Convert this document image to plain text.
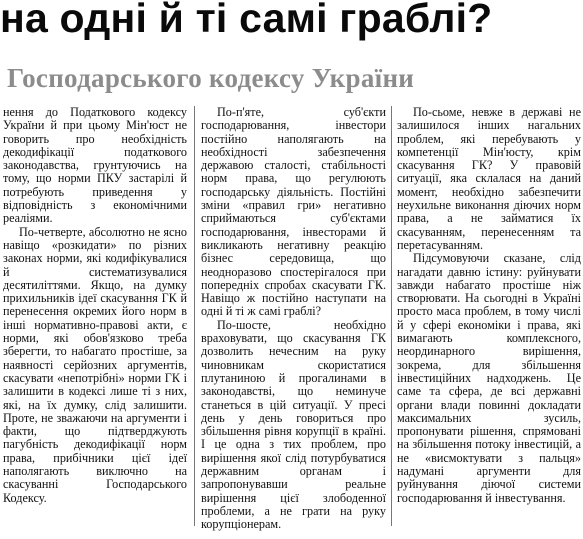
на одні й ті самі граблі?
Господарського кодексу України

нення до Податкового кодексу України й при цьому Мін'юст не говорить про необхідність декодифікації податкового законодавства, грунтуючись на тому, що норми ПКУ застарілі й потребують приведення у відповідність з економічними реаліями.

По-четверте, абсолютно не ясно навіщо «розкидати» по різних законах норми, які кодифікувалися й систематизувалися десятиліттями. Якщо, на думку прихильників ідеї скасування ГК й перенесення окремих його норм в інші нормативно-правові акти, є норми, які обов'язково треба зберегти, то набагато простіше, за наявності серйозних аргументів, скасувати «непотрібні» норми ГК і залишити в кодексі лише ті з них, які, на їх думку, слід залишити. Проте, не зважаючи на аргументи і факти, що підтверджують пагубність декодифікації норм права, прибічники цієї ідеї наполягають виключно на скасуванні Господарського Кодексу.

По-п'яте, суб'єкти господарювання, інвестори постійно наполягають на необхідності забезпечення державою сталості, стабільності норм права, що регулюють господарську діяльність. Постійні зміни «правил гри» негативно сприймаються суб'єктами господарювання, інвесторами й викликають негативну реакцію бізнес середовища, що неодноразово спостерігалося при попередніх спробах скасувати ГК. Навіщо ж постійно наступати на одні й ті ж самі граблі?

По-шосте, необхідно враховувати, що скасування ГК дозволить нечесним на руку чиновникам скористатися плутаниною й прогалинами в законодавстві, що неминуче станеться в цій ситуації. У пресі день у день говориться про збільшення рівня корупції в країні. І це одна з тих проблем, про вирішення якої слід потурбуватися державним органам і запропонувавши реальне вирішення цієї злободенної проблеми, а не грати на руку корупціонерам.

По-сьоме, невже в державі не залишилося інших нагальних проблем, які перебувають у компетенції Мін'юсту, крім скасування ГК? У правовій ситуації, яка склалася на даний момент, необхідно забезпечити неухильне виконання діючих норм права, а не займатися їх скасуванням, перенесенням та перетасуванням.

Підсумовуючи сказане, слід нагадати давню істину: руйнувати завжди набагато простіше ніж створювати. На сьогодні в Україні просто маса проблем, в тому числі й у сфері економіки і права, які вимагають комплексного, неординарного вирішення, зокрема, для збільшення інвестиційних надходжень. Це саме та сфера, де всі державні органи влади повинні докладати максимальних зусиль, пропонувати рішення, спрямовані на збільшення потоку інвестицій, а не «висмоктувати з пальця» надумані аргументи для руйнування діючої системи господарювання й інвестування.
